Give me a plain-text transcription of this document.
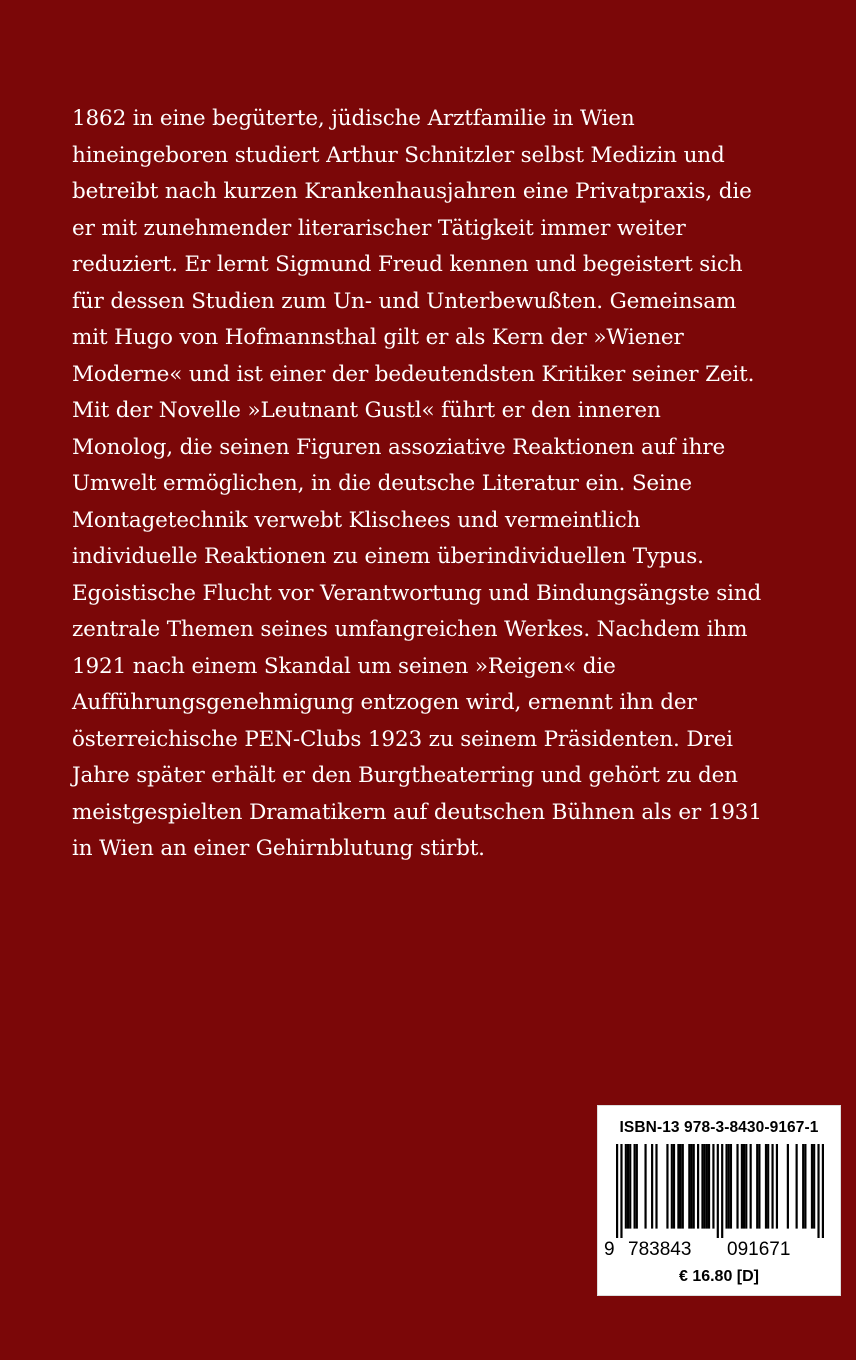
1862 in eine begüterte, jüdische Arztfamilie in Wien
hineingeboren studiert Arthur Schnitzler selbst Medizin und
betreibt nach kurzen Krankenhausjahren eine Privatpraxis, die
er mit zunehmender literarischer Tätigkeit immer weiter
reduziert. Er lernt Sigmund Freud kennen und begeistert sich
für dessen Studien zum Un- und Unterbewußten. Gemeinsam
mit Hugo von Hofmannsthal gilt er als Kern der »Wiener
Moderne« und ist einer der bedeutendsten Kritiker seiner Zeit.
Mit der Novelle »Leutnant Gustl« führt er den inneren
Monolog, die seinen Figuren assoziative Reaktionen auf ihre
Umwelt ermöglichen, in die deutsche Literatur ein. Seine
Montagetechnik verwebt Klischees und vermeintlich
individuelle Reaktionen zu einem überindividuellen Typus.
Egoistische Flucht vor Verantwortung und Bindungsängste sind
zentrale Themen seines umfangreichen Werkes. Nachdem ihm
1921 nach einem Skandal um seinen »Reigen« die
Aufführungsgenehmigung entzogen wird, ernennt ihn der
österreichische PEN-Clubs 1923 zu seinem Präsidenten. Drei
Jahre später erhält er den Burgtheaterring und gehört zu den
meistgespielten Dramatikern auf deutschen Bühnen als er 1931
in Wien an einer Gehirnblutung stirbt.
ISBN-13 978-3-8430-9167-1
9 783843 091671
€ 16.80 [D]
